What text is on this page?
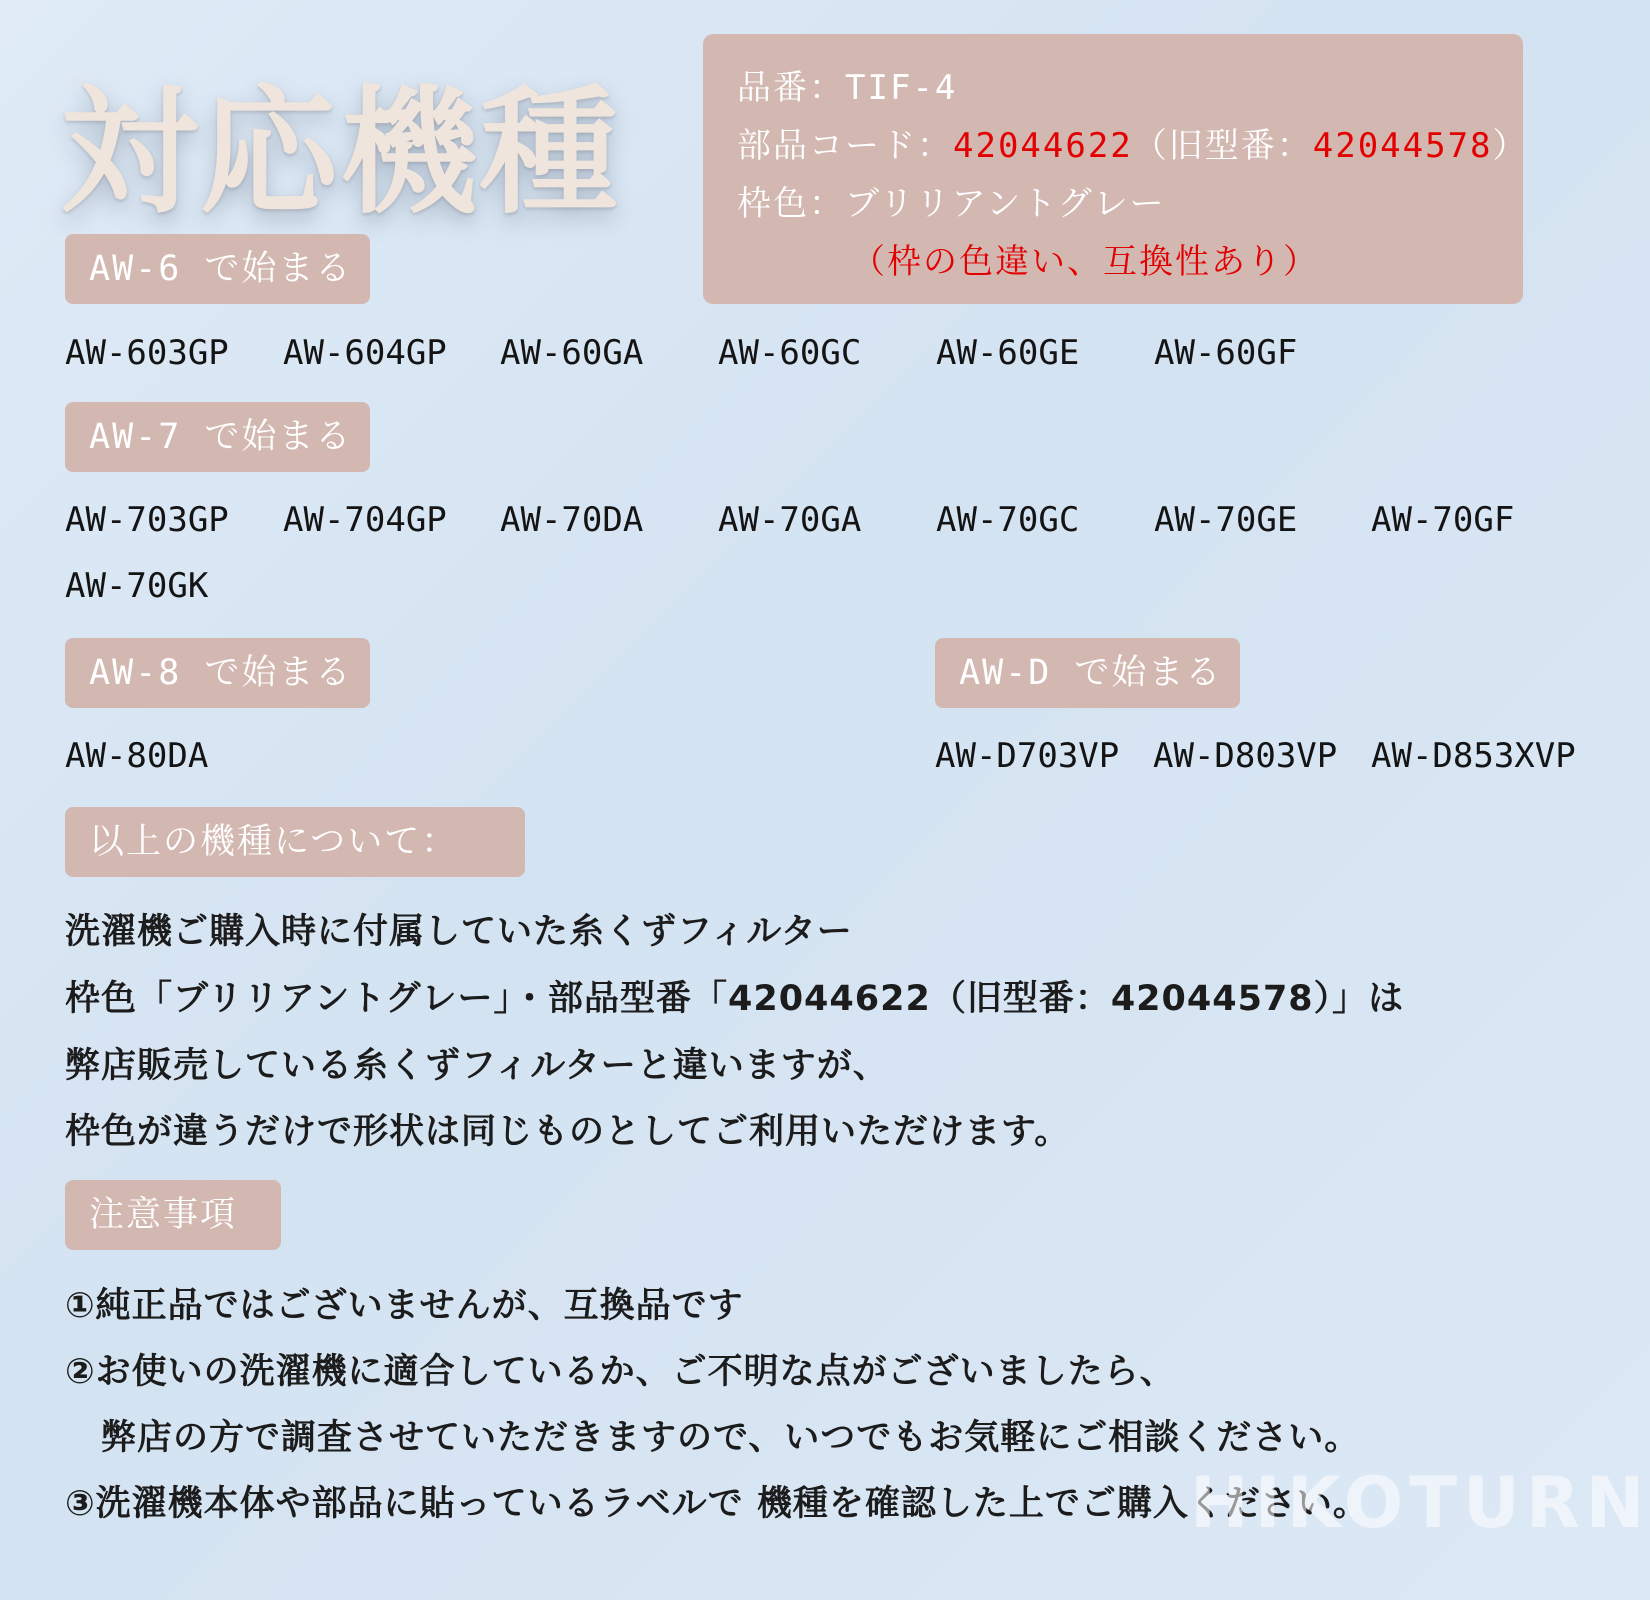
対応機種	品番：TIF-4
部品コード：42044622（旧型番：42044578）
枠色：ブリリアントグレー
（枠の色違い、互換性あり）
AW-6 で始まる
AW-603GP AW-604GP AW-60GA AW-60GC AW-60GE AW-60GF
AW-7 で始まる
AW-703GP AW-704GP AW-70DA AW-70GA AW-70GC AW-70GE AW-70GF
AW-70GK
AW-8 で始まる
AW-80DA
AW-D で始まる
AW-D703VP AW-D803VP AW-D853XVP
以上の機種について：
洗濯機ご購入時に付属していた糸くずフィルター
枠色「ブリリアントグレー」・部品型番「42044622（旧型番：42044578）」は
弊店販売している糸くずフィルターと違いますが、
枠色が違うだけで形状は同じものとしてご利用いただけます。
注意事項
①純正品ではございませんが、互換品です
②お使いの洗濯機に適合しているか、ご不明な点がございましたら、
　弊店の方で調査させていただきますので、いつでもお気軽にご相談ください。
③洗濯機本体や部品に貼っているラベルで 機種を確認した上でご購入ください。
HIKOTURN
